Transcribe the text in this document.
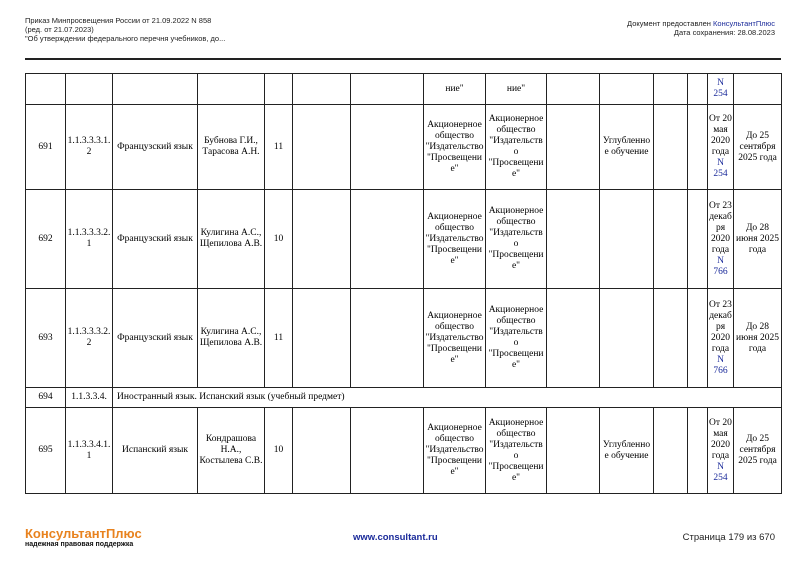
Приказ Минпросвещения России от 21.09.2022 N 858
(ред. от 21.07.2023)
"Об утверждении федерального перечня учебников, до...
Документ предоставлен КонсультантПлюс
Дата сохранения: 28.08.2023
							ние"	ние"					N
254	
691	1.1.3.3.3.1.2	Французский язык	Бубнова Г.И., Тарасова А.Н.	11			Акционерное общество "Издательство "Просвещение"	Акционерное общество "Издательство "Просвещение"		Углубленное обучение			От 20 мая 2020 года N 254	До 25 сентября 2025 года
692	1.1.3.3.3.2.1	Французский язык	Кулигина А.С., Щепилова А.В.	10			Акционерное общество "Издательство "Просвещение"	Акционерное общество "Издательство "Просвещение"					От 23 декабря 2020 года N 766	До 28 июня 2025 года
693	1.1.3.3.3.2.2	Французский язык	Кулигина А.С., Щепилова А.В.	11			Акционерное общество "Издательство "Просвещение"	Акционерное общество "Издательство "Просвещение"					От 23 декабря 2020 года N 766	До 28 июня 2025 года
694	1.1.3.3.4.	Иностранный язык. Испанский язык (учебный предмет)												
695	1.1.3.3.4.1.1	Испанский язык	Кондрашова Н.А., Костылева С.В.	10			Акционерное общество "Издательство "Просвещение"	Акционерное общество "Издательство "Просвещение"		Углубленное обучение			От 20 мая 2020 года N 254	До 25 сентября 2025 года
КонсультантПлюс
надежная правовая поддержка
www.consultant.ru	Страница 179 из 670
